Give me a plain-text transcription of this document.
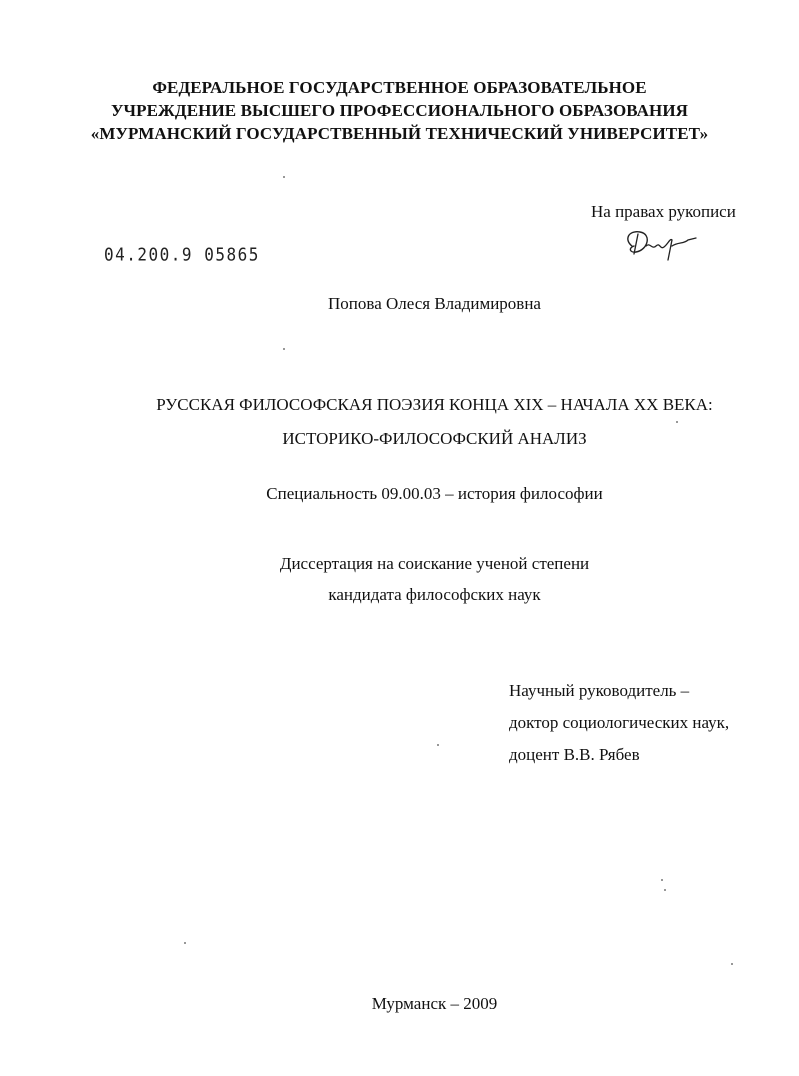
ФЕДЕРАЛЬНОЕ ГОСУДАРСТВЕННОЕ ОБРАЗОВАТЕЛЬНОЕ
УЧРЕЖДЕНИЕ ВЫСШЕГО ПРОФЕССИОНАЛЬНОГО ОБРАЗОВАНИЯ
«МУРМАНСКИЙ ГОСУДАРСТВЕННЫЙ ТЕХНИЧЕСКИЙ УНИВЕРСИТЕТ»
На правах рукописи
04.200.9 05865
Попова Олеся Владимировна
РУССКАЯ ФИЛОСОФСКАЯ ПОЭЗИЯ КОНЦА XIX – НАЧАЛА XX ВЕКА:
ИСТОРИКО-ФИЛОСОФСКИЙ АНАЛИЗ
Специальность 09.00.03 – история философии
Диссертация на соискание ученой степени
кандидата философских наук
Научный руководитель –
доктор социологических наук,
доцент В.В. Рябев
Мурманск – 2009
